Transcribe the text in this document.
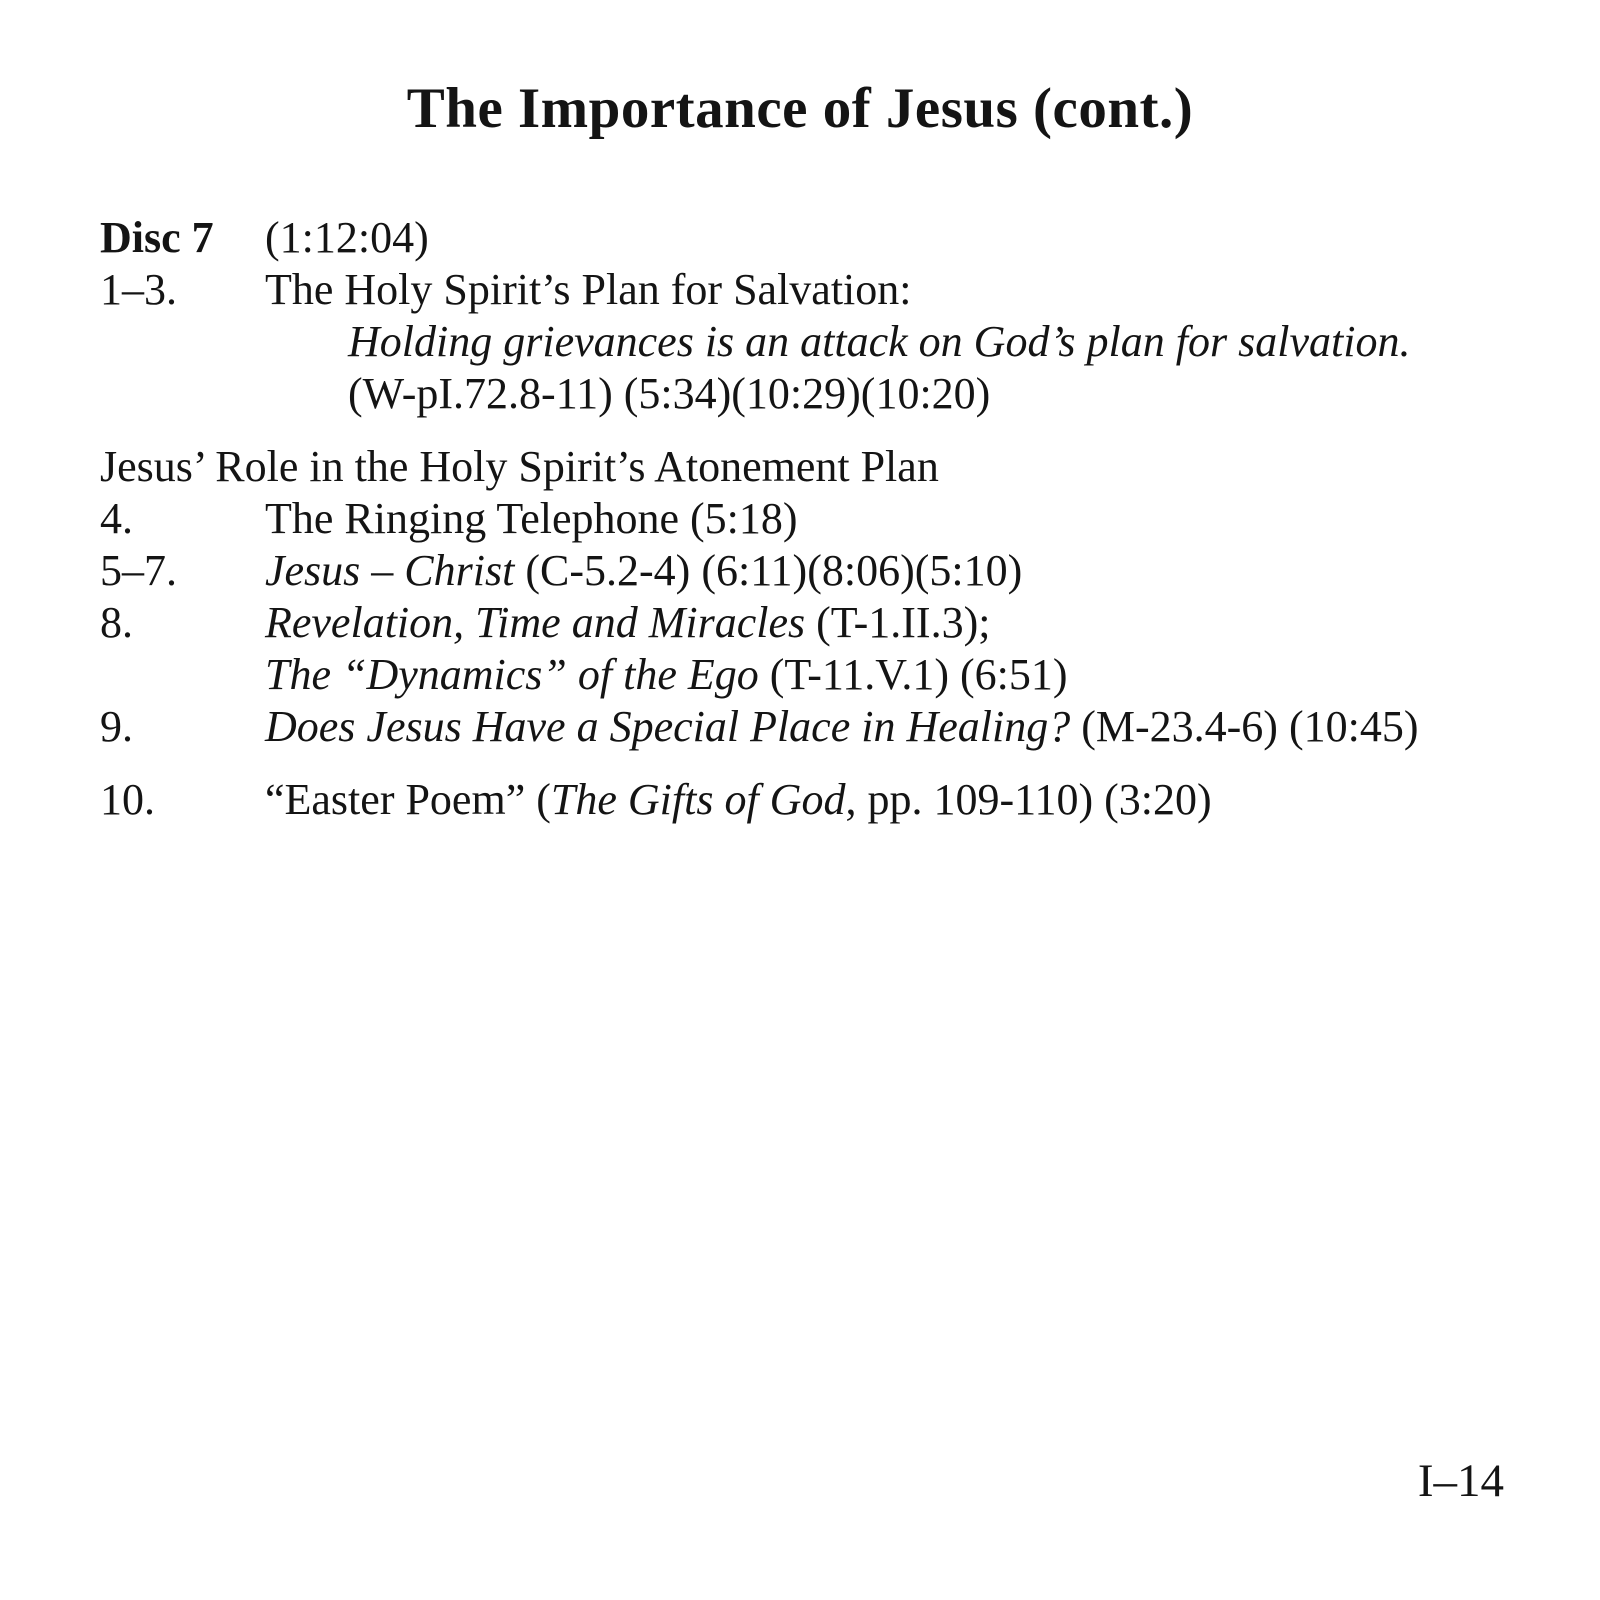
The Importance of Jesus (cont.)
Disc 7	(1:12:04)
1–3.	The Holy Spirit’s Plan for Salvation:
Holding grievances is an attack on God’s plan for salvation.
(W-pI.72.8-11) (5:34)(10:29)(10:20)
Jesus’ Role in the Holy Spirit’s Atonement Plan
4.	The Ringing Telephone (5:18)
5–7.	Jesus – Christ (C-5.2-4) (6:11)(8:06)(5:10)
8.	Revelation, Time and Miracles (T-1.II.3);
The “Dynamics” of the Ego (T-11.V.1) (6:51)
9.	Does Jesus Have a Special Place in Healing? (M-23.4-6) (10:45)
10.	“Easter Poem” (The Gifts of God, pp. 109-110) (3:20)
I–14
